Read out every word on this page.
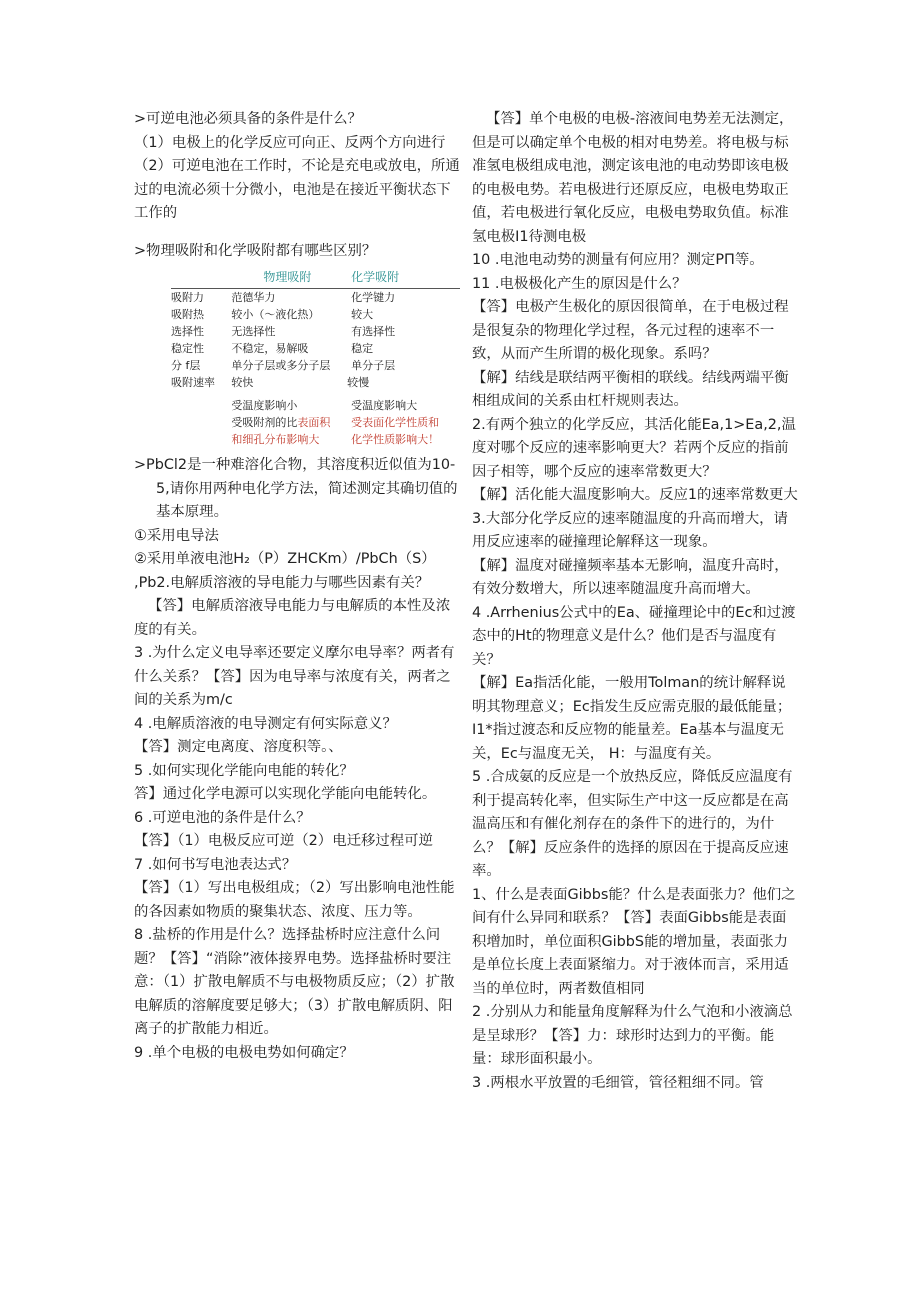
>可逆电池必须具备的条件是什么？

（1）电极上的化学反应可向正、反两个方向进行

（2）可逆电池在工作时，不论是充电或放电，所通过的电流必须十分微小，电池是在接近平衡状态下工作的

>物理吸附和化学吸附都有哪些区别？

	物理吸附	化学吸附
吸附力	范德华力	化学键力
吸附热	较小（～液化热）	较大
选择性	无选择性	有选择性
稳定性	不稳定，易解吸	稳定
分 f层	单分子层或多分子层	单分子层
吸附速率	较快	较慢

	受温度影响小	受温度影响大
	受吸附剂的比表面积	受表面化学性质和
	和细孔分布影响大	化学性质影响大！

>PbCl2是一种难溶化合物，其溶度积近似值为10-5,请你用两种电化学方法，简述测定其确切值的基本原理。

①采用电导法

②采用单液电池H₂（P）ZHCKm）/PbCh（S）

,Pb2.电解质溶液的导电能力与哪些因素有关？

【答】电解质溶液导电能力与电解质的本性及浓度的有关。

3 .为什么定义电导率还要定义摩尔电导率？两者有什么关系？【答】因为电导率与浓度有关，两者之间的关系为m/c

4 .电解质溶液的电导测定有何实际意义？

【答】测定电离度、溶度积等。、

5 .如何实现化学能向电能的转化？

答】通过化学电源可以实现化学能向电能转化。

6 .可逆电池的条件是什么？

【答】（1）电极反应可逆（2）电迁移过程可逆

7 .如何书写电池表达式？

【答】（1）写出电极组成；（2）写出影响电池性能的各因素如物质的聚集状态、浓度、压力等。

8 .盐桥的作用是什么？选择盐桥时应注意什么问题？【答】“消除”液体接界电势。选择盐桥时要注意：（1）扩散电解质不与电极物质反应；（2）扩散电解质的溶解度要足够大；（3）扩散电解质阴、阳离子的扩散能力相近。

9 .单个电极的电极电势如何确定？

【答】单个电极的电极-溶液间电势差无法测定，但是可以确定单个电极的相对电势差。将电极与标准氢电极组成电池，测定该电池的电动势即该电极的电极电势。若电极进行还原反应，电极电势取正值，若电极进行氧化反应，电极电势取负值。标准氢电极I1待测电极

10 .电池电动势的测量有何应用？测定PΠ等。

11 .电极极化产生的原因是什么？

【答】电极产生极化的原因很简单，在于电极过程是很复杂的物理化学过程，各元过程的速率不一致，从而产生所谓的极化现象。系吗？

【解】结线是联结两平衡相的联线。结线两端平衡相组成间的关系由杠杆规则表达。

2.有两个独立的化学反应，其活化能Ea,1>Ea,2,温度对哪个反应的速率影响更大？若两个反应的指前因子相等，哪个反应的速率常数更大？

【解】活化能大温度影响大。反应1的速率常数更大

3.大部分化学反应的速率随温度的升高而增大，请用反应速率的碰撞理论解释这一现象。

【解】温度对碰撞频率基本无影响，温度升高时，有效分数增大，所以速率随温度升高而增大。

4 .Arrhenius公式中的Ea、碰撞理论中的Ec和过渡态中的Ht的物理意义是什么？他们是否与温度有关？

【解】Ea指活化能，一般用Tolman的统计解释说明其物理意义；Ec指发生反应需克服的最低能量；I1*指过渡态和反应物的能量差。Ea基本与温度无关，Ec与温度无关， H：与温度有关。

5 .合成氨的反应是一个放热反应，降低反应温度有利于提高转化率，但实际生产中这一反应都是在高温高压和有催化剂存在的条件下的进行的，为什么？【解】反应条件的选择的原因在于提高反应速率。

1、什么是表面Gibbs能？什么是表面张力？他们之间有什么异同和联系？【答】表面Gibbs能是表面积增加时，单位面积GibbS能的增加量，表面张力是单位长度上表面紧缩力。对于液体而言，采用适当的单位时，两者数值相同

2 .分别从力和能量角度解释为什么气泡和小液滴总是呈球形？【答】力：球形时达到力的平衡。能量：球形面积最小。

3 .两根水平放置的毛细管，管径粗细不同。管
